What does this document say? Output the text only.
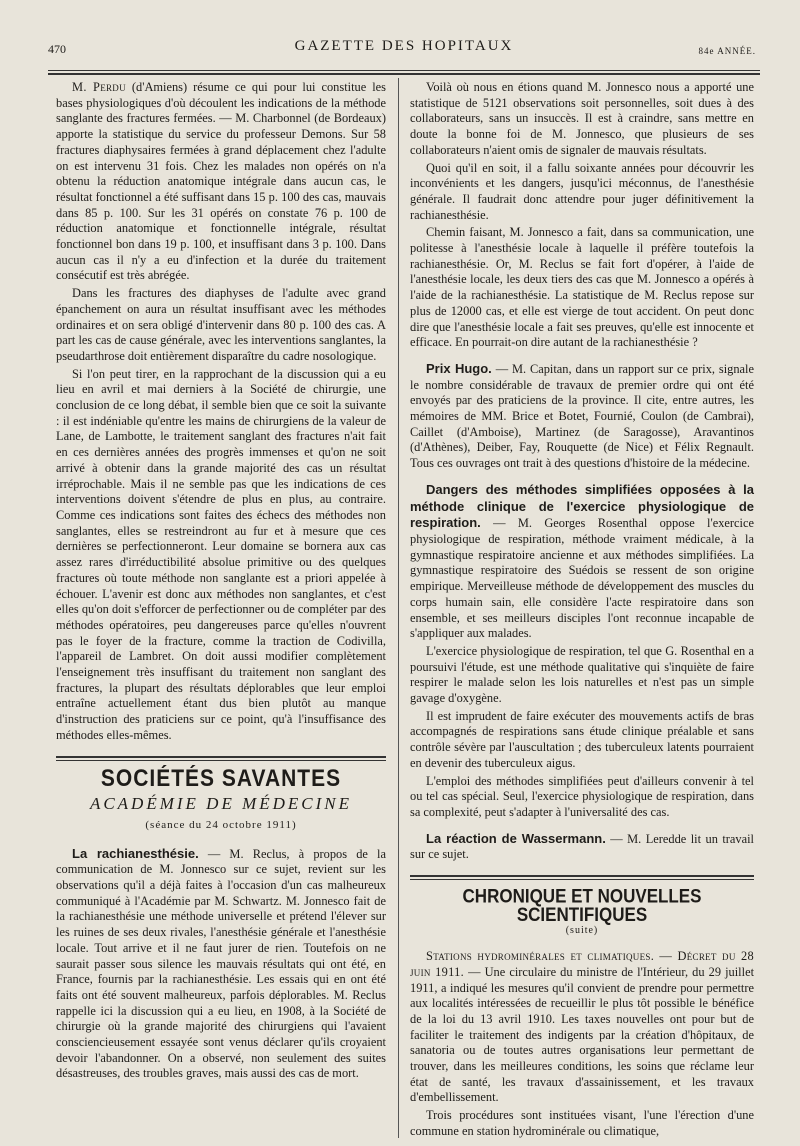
470	GAZETTE DES HOPITAUX	84e ANNÉE.

M. Perdu (d'Amiens) résume ce qui pour lui constitue les bases physiologiques d'où découlent les indications de la méthode sanglante des fractures fermées. — M. Charbonnel (de Bordeaux) apporte la statistique du service du professeur Demons. Sur 58 fractures diaphysaires fermées à grand déplacement chez l'adulte on est intervenu 31 fois. Chez les malades non opérés on n'a obtenu la réduction anatomique intégrale dans aucun cas, le résultat fonctionnel a été suffisant dans 15 p. 100 des cas, mauvais dans 85 p. 100. Sur les 31 opérés on constate 76 p. 100 de réduction anatomique et fonctionnelle intégrale, résultat fonctionnel bon dans 19 p. 100, et insuffisant dans 3 p. 100. Dans aucun cas il n'y a eu d'infection et la durée du traitement consécutif est très abrégée.

Dans les fractures des diaphyses de l'adulte avec grand épanchement on aura un résultat insuffisant avec les méthodes ordinaires et on sera obligé d'intervenir dans 80 p. 100 des cas. A part les cas de cause générale, avec les interventions sanglantes, la pseudarthrose doit entièrement disparaître du cadre nosologique.

Si l'on peut tirer, en la rapprochant de la discussion qui a eu lieu en avril et mai derniers à la Société de chirurgie, une conclusion de ce long débat, il semble bien que ce soit la suivante : il est indéniable qu'entre les mains de chirurgiens de la valeur de Lane, de Lambotte, le traitement sanglant des fractures n'ait fait en ces dernières années des progrès immenses et qu'on ne soit arrivé à obtenir dans la grande majorité des cas un résultat irréprochable. Mais il ne semble pas que les indications de ces interventions doivent s'étendre de plus en plus, au contraire. Comme ces indications sont faites des échecs des méthodes non sanglantes, elles se restreindront au fur et à mesure que ces dernières se perfectionneront. Leur domaine se bornera aux cas assez rares d'irréductibilité absolue primitive ou des quelques fractures où toute méthode non sanglante est a priori appelée à échouer. L'avenir est donc aux méthodes non sanglantes, et c'est elles qu'on doit s'efforcer de perfectionner ou de compléter par des méthodes opératoires, peu dangereuses parce qu'elles n'ouvrent pas le foyer de la fracture, comme la traction de Codivilla, l'appareil de Lambret. On doit aussi modifier complètement l'enseignement très insuffisant du traitement non sanglant des fractures, la plupart des résultats déplorables que leur emploi entraîne actuellement étant dus bien plutôt au manque d'instruction des praticiens sur ce point, qu'à l'insuffisance des méthodes elles-mêmes.

SOCIÉTÉS SAVANTES
ACADÉMIE DE MÉDECINE
(séance du 24 octobre 1911)

La rachianesthésie. — M. Reclus, à propos de la communication de M. Jonnesco sur ce sujet, revient sur les observations qu'il a déjà faites à l'occasion d'un cas malheureux communiqué à l'Académie par M. Schwartz. M. Jonnesco fait de la rachianesthésie une méthode universelle et prétend l'élever sur les ruines de ses deux rivales, l'anesthésie générale et l'anesthésie locale. Tout arrive et il ne faut jurer de rien. Toutefois on ne saurait passer sous silence les mauvais résultats qui ont été, en France, fournis par la rachianesthésie. Les essais qui en ont été faits ont été souvent malheureux, parfois déplorables. M. Reclus rappelle ici la discussion qui a eu lieu, en 1908, à la Société de chirurgie où la grande majorité des chirurgiens qui l'avaient consciencieusement essayée sont venus déclarer qu'ils croyaient devoir l'abandonner. On a observé, non seulement des suites désastreuses, des troubles graves, mais aussi des cas de mort.

Voilà où nous en étions quand M. Jonnesco nous a apporté une statistique de 5121 observations soit personnelles, soit dues à des collaborateurs, sans un insuccès. Il est à craindre, sans mettre en doute la bonne foi de M. Jonnesco, que plusieurs de ses collaborateurs n'aient omis de signaler de mauvais résultats.

Quoi qu'il en soit, il a fallu soixante années pour découvrir les inconvénients et les dangers, jusqu'ici méconnus, de l'anesthésie générale. Il faudrait donc attendre pour juger définitivement la rachianesthésie.

Chemin faisant, M. Jonnesco a fait, dans sa communication, une politesse à l'anesthésie locale à laquelle il préfère toutefois la rachianesthésie. Or, M. Reclus se fait fort d'opérer, à l'aide de l'anesthésie locale, les deux tiers des cas que M. Jonnesco a opérés à l'aide de la rachianesthésie. La statistique de M. Reclus repose sur plus de 12000 cas, et elle est vierge de tout accident. On peut donc dire que l'anesthésie locale a fait ses preuves, qu'elle est innocente et efficace. En pourrait-on dire autant de la rachianesthésie ?

Prix Hugo. — M. Capitan, dans un rapport sur ce prix, signale le nombre considérable de travaux de premier ordre qui ont été envoyés par des praticiens de la province. Il cite, entre autres, les mémoires de MM. Brice et Botet, Fournié, Coulon (de Cambrai), Caillet (d'Amboise), Martinez (de Saragosse), Aravantinos (d'Athènes), Deiber, Fay, Rouquette (de Nice) et Félix Regnault. Tous ces ouvrages ont trait à des questions d'histoire de la médecine.

Dangers des méthodes simplifiées opposées à la méthode clinique de l'exercice physiologique de respiration. — M. Georges Rosenthal oppose l'exercice physiologique de respiration, méthode vraiment médicale, à la gymnastique respiratoire ancienne et aux méthodes simplifiées. La gymnastique respiratoire des Suédois se ressent de son origine empirique. Merveilleuse méthode de développement des muscles du corps humain sain, elle considère l'acte respiratoire dans son ensemble, et ses meilleurs disciples l'ont reconnue incapable de s'appliquer aux malades.

L'exercice physiologique de respiration, tel que G. Rosenthal en a poursuivi l'étude, est une méthode qualitative qui s'inquiète de faire respirer le malade selon les lois naturelles et n'est pas un simple gavage d'oxygène.

Il est imprudent de faire exécuter des mouvements actifs de bras accompagnés de respirations sans étude clinique préalable et sans contrôle sévère par l'auscultation ; des tuberculeux latents pourraient en devenir des tuberculeux aigus.

L'emploi des méthodes simplifiées peut d'ailleurs convenir à tel ou tel cas spécial. Seul, l'exercice physiologique de respiration, dans sa complexité, peut s'adapter à l'universalité des cas.

La réaction de Wassermann. — M. Leredde lit un travail sur ce sujet.

CHRONIQUE ET NOUVELLES SCIENTIFIQUES
(suite)

Stations hydrominérales et climatiques. — Décret du 28 juin 1911. — Une circulaire du ministre de l'Intérieur, du 29 juillet 1911, a indiqué les mesures qu'il convient de prendre pour permettre aux localités intéressées de recueillir le plus tôt possible le bénéfice de la loi du 13 avril 1910. Les taxes nouvelles ont pour but de faciliter le traitement des indigents par la création d'hôpitaux, de sanatoria ou de toutes autres organisations leur permettant de trouver, dans les meilleures conditions, les soins que réclame leur état de santé, les travaux d'assainissement, et les travaux d'embellissement.

Trois procédures sont instituées visant, l'une l'érection d'une commune en station hydrominérale ou climatique,
